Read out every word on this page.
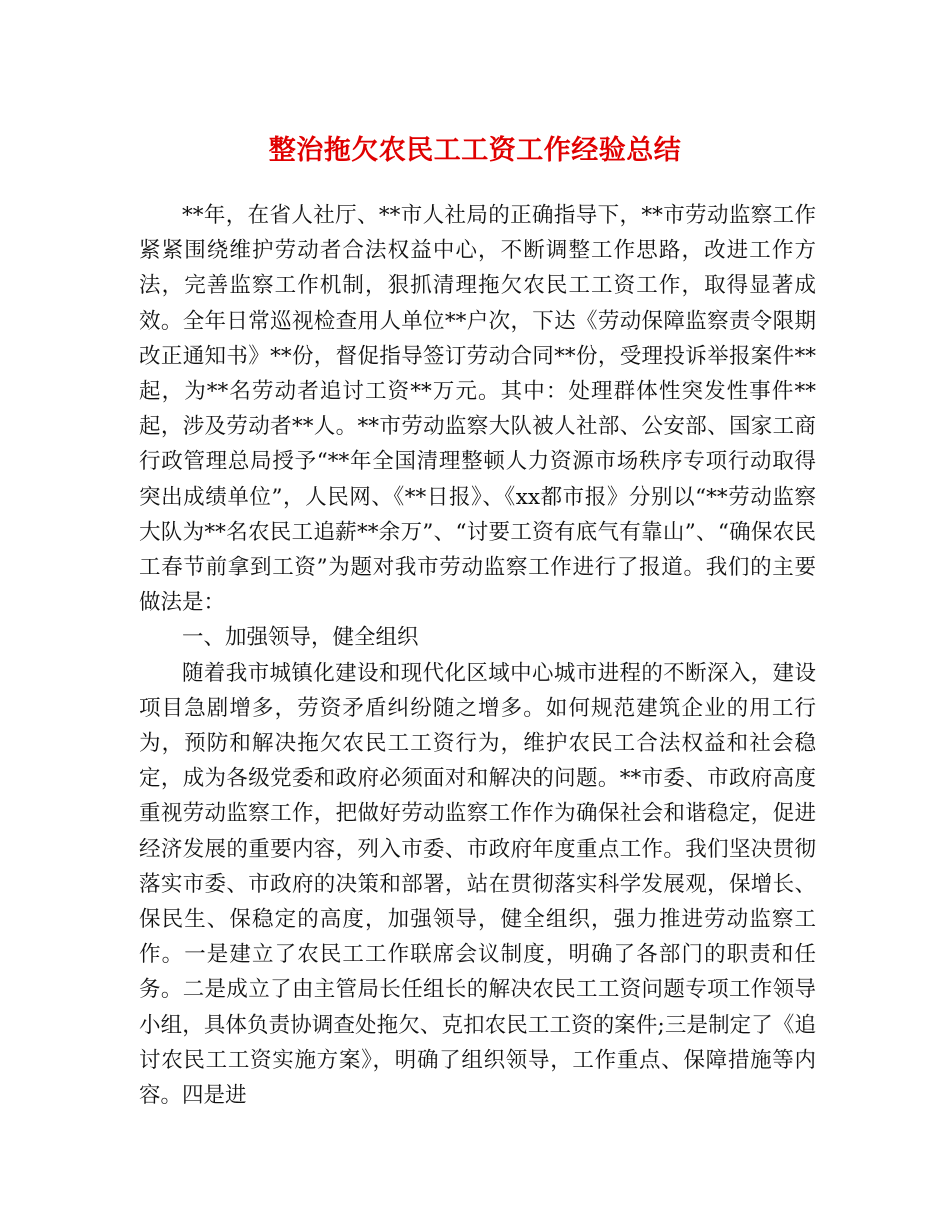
整治拖欠农民工工资工作经验总结

**年，在省人社厅、**市人社局的正确指导下，**市劳动监察工作紧紧围绕维护劳动者合法权益中心，不断调整工作思路，改进工作方法，完善监察工作机制，狠抓清理拖欠农民工工资工作，取得显著成效。全年日常巡视检查用人单位**户次，下达《劳动保障监察责令限期改正通知书》**份，督促指导签订劳动合同**份，受理投诉举报案件**起，为**名劳动者追讨工资**万元。其中：处理群体性突发性事件**起，涉及劳动者**人。**市劳动监察大队被人社部、公安部、国家工商行政管理总局授予“**年全国清理整顿人力资源市场秩序专项行动取得突出成绩单位”，人民网、《**日报》、《xx都市报》分别以“**劳动监察大队为**名农民工追薪**余万”、“讨要工资有底气有靠山”、“确保农民工春节前拿到工资”为题对我市劳动监察工作进行了报道。我们的主要做法是：

一、加强领导，健全组织

随着我市城镇化建设和现代化区域中心城市进程的不断深入，建设项目急剧增多，劳资矛盾纠纷随之增多。如何规范建筑企业的用工行为，预防和解决拖欠农民工工资行为，维护农民工合法权益和社会稳定，成为各级党委和政府必须面对和解决的问题。**市委、市政府高度重视劳动监察工作，把做好劳动监察工作作为确保社会和谐稳定，促进经济发展的重要内容，列入市委、市政府年度重点工作。我们坚决贯彻落实市委、市政府的决策和部署，站在贯彻落实科学发展观，保增长、保民生、保稳定的高度，加强领导，健全组织，强力推进劳动监察工作。一是建立了农民工工作联席会议制度，明确了各部门的职责和任务。二是成立了由主管局长任组长的解决农民工工资问题专项工作领导小组，具体负责协调查处拖欠、克扣农民工工资的案件;三是制定了《追讨农民工工资实施方案》，明确了组织领导，工作重点、保障措施等内容。四是进
